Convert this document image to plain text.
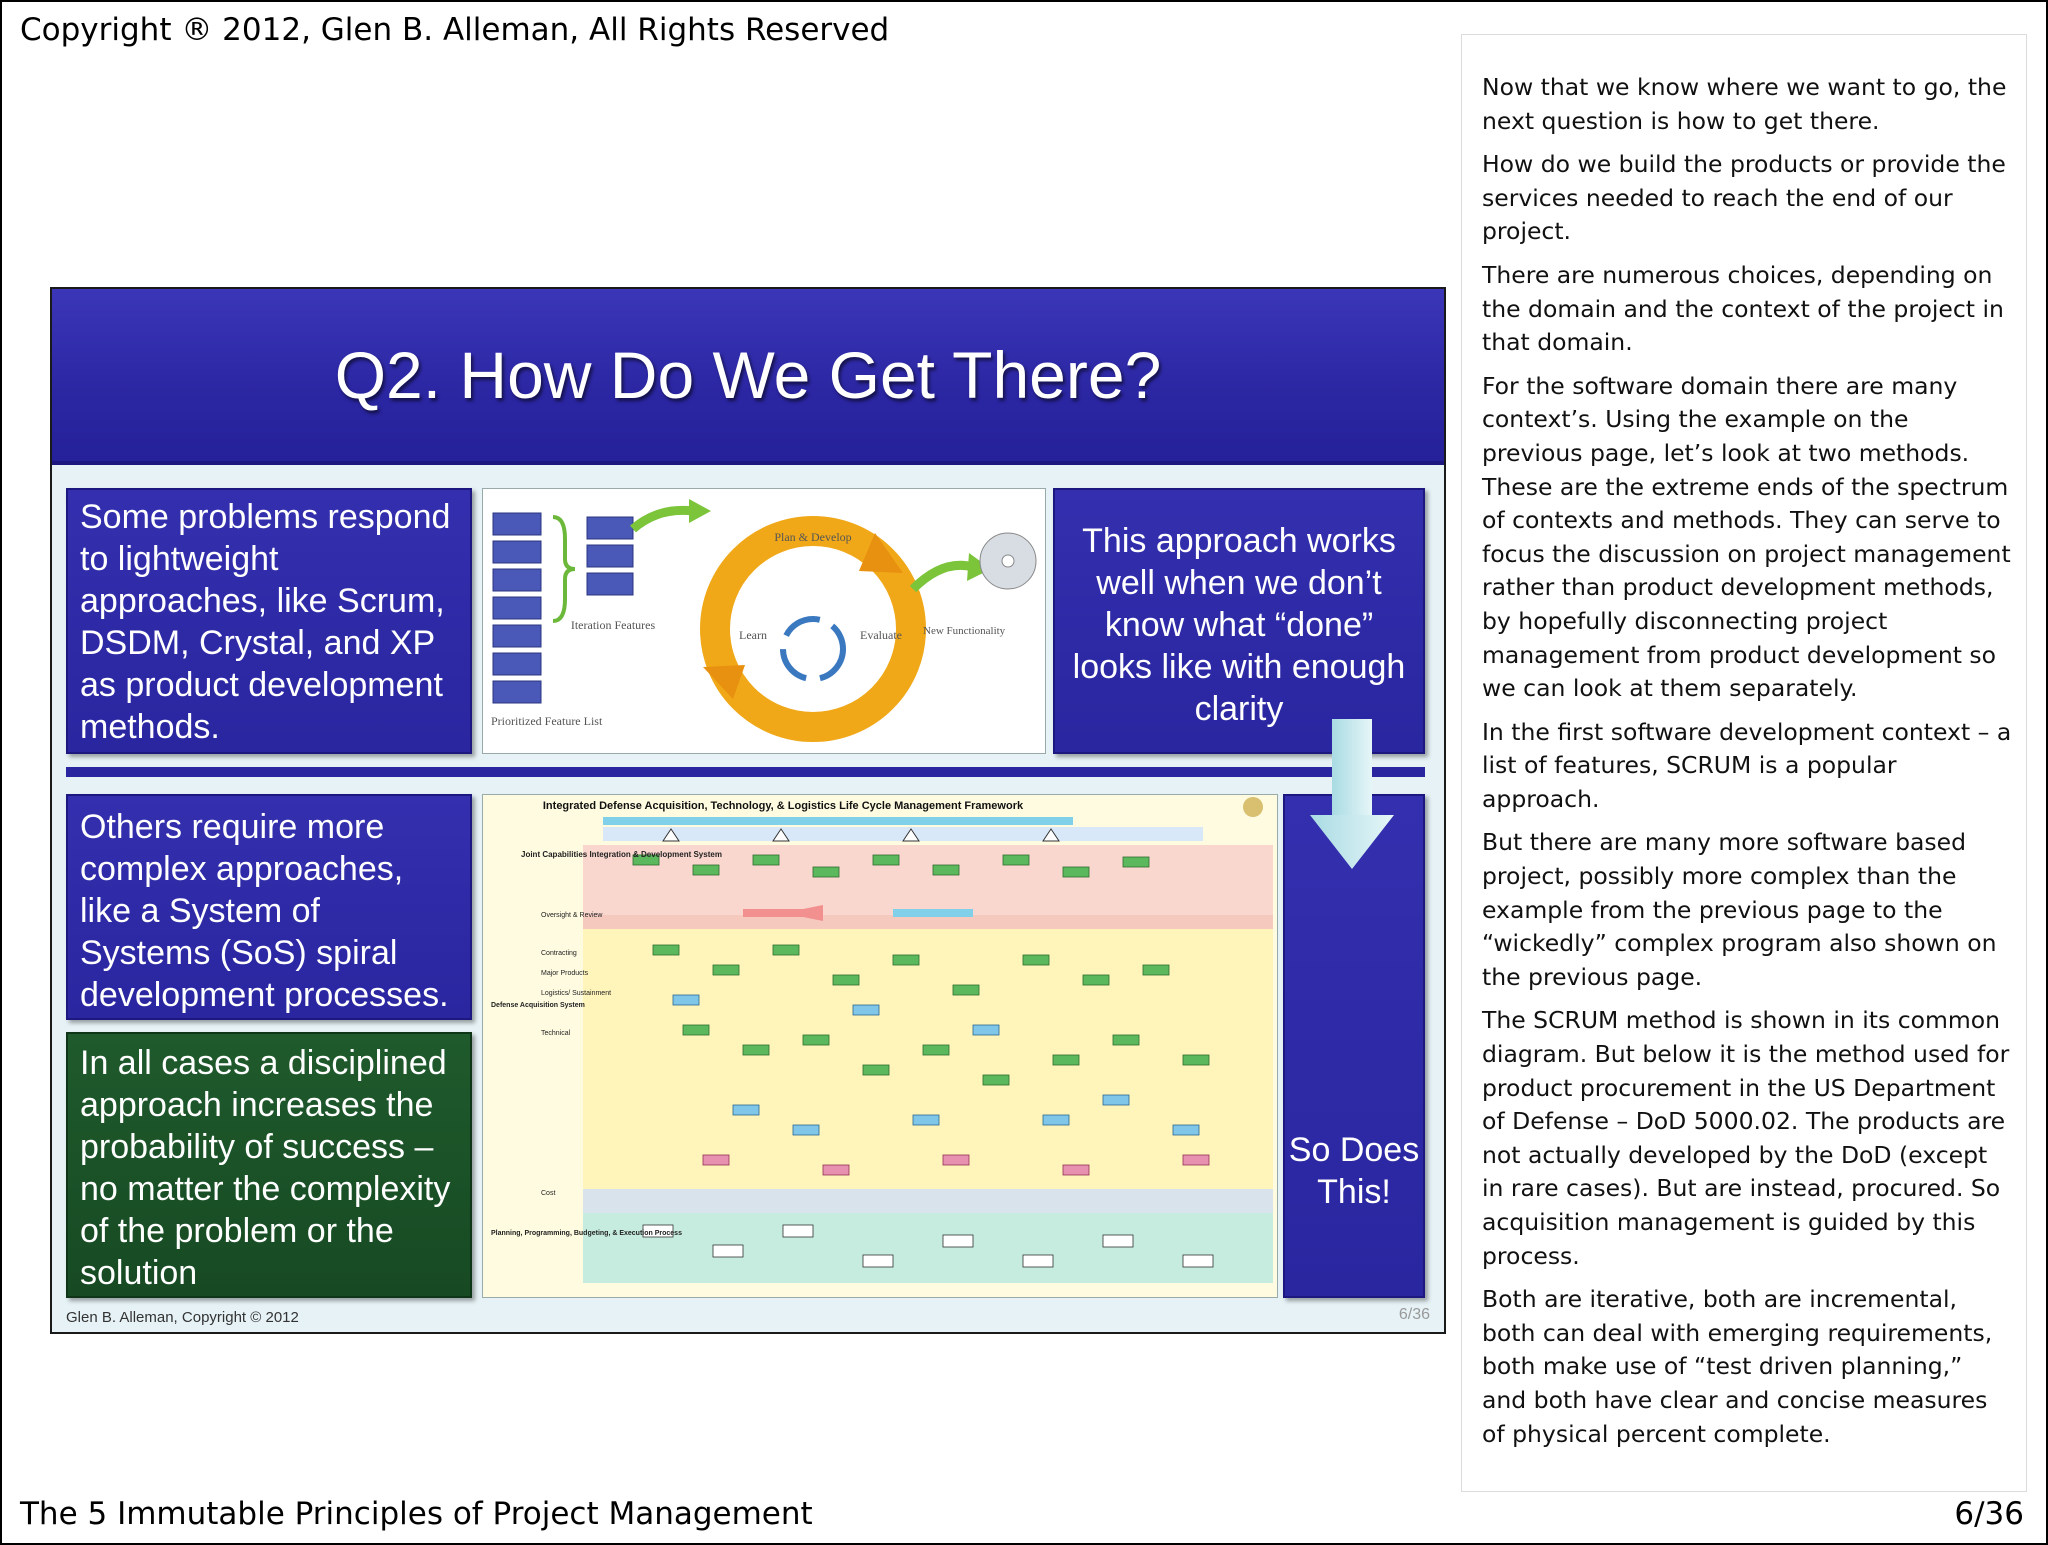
Copyright ® 2012, Glen B. Alleman, All Rights Reserved
Q2. How Do We Get There?
Some problems respond to lightweight approaches, like Scrum, DSDM, Crystal, and XP as product development methods.
Plan & Develop
Learn	Evaluate
Iteration Features
Prioritized Feature List
New Functionality
This approach works well when we don’t know what “done” looks like with enough clarity
Others require more complex approaches, like a System of Systems (SoS) spiral development processes.
In all cases a disciplined approach increases the probability of success – no matter the complexity of the problem or the solution
Integrated Defense Acquisition, Technology, & Logistics Life Cycle Management Framework
Joint Capabilities Integration & Development System
Oversight & Review
Contracting
Major Products
Logistics/ Sustainment
Defense Acquisition System
Technical
Cost
Planning, Programming, Budgeting, & Execution Process
So Does This!
Glen B. Alleman, Copyright © 2012	6/36

Now that we know where we want to go, the next question is how to get there.

How do we build the products or provide the services needed to reach the end of our project.

There are numerous choices, depending on the domain and the context of the project in that domain.

For the software domain there are many context’s. Using the example on the previous page, let’s look at two methods. These are the extreme ends of the spectrum of contexts and methods. They can serve to focus the discussion on project management rather than product development methods, by hopefully disconnecting project management from product development so we can look at them separately.

In the first software development context – a list of features, SCRUM is a popular approach.

But there are many more software based project, possibly more complex than the example from the previous page to the “wickedly” complex program also shown on the previous page.

The SCRUM method is shown in its common diagram. But below it is the method used for product procurement in the US Department of Defense – DoD 5000.02. The products are not actually developed by the DoD (except in rare cases). But are instead, procured. So acquisition management is guided by this process.

Both are iterative, both are incremental, both can deal with emerging requirements, both make use of “test driven planning,” and both have clear and concise measures of physical percent complete.

The 5 Immutable Principles of Project Management	6/36
